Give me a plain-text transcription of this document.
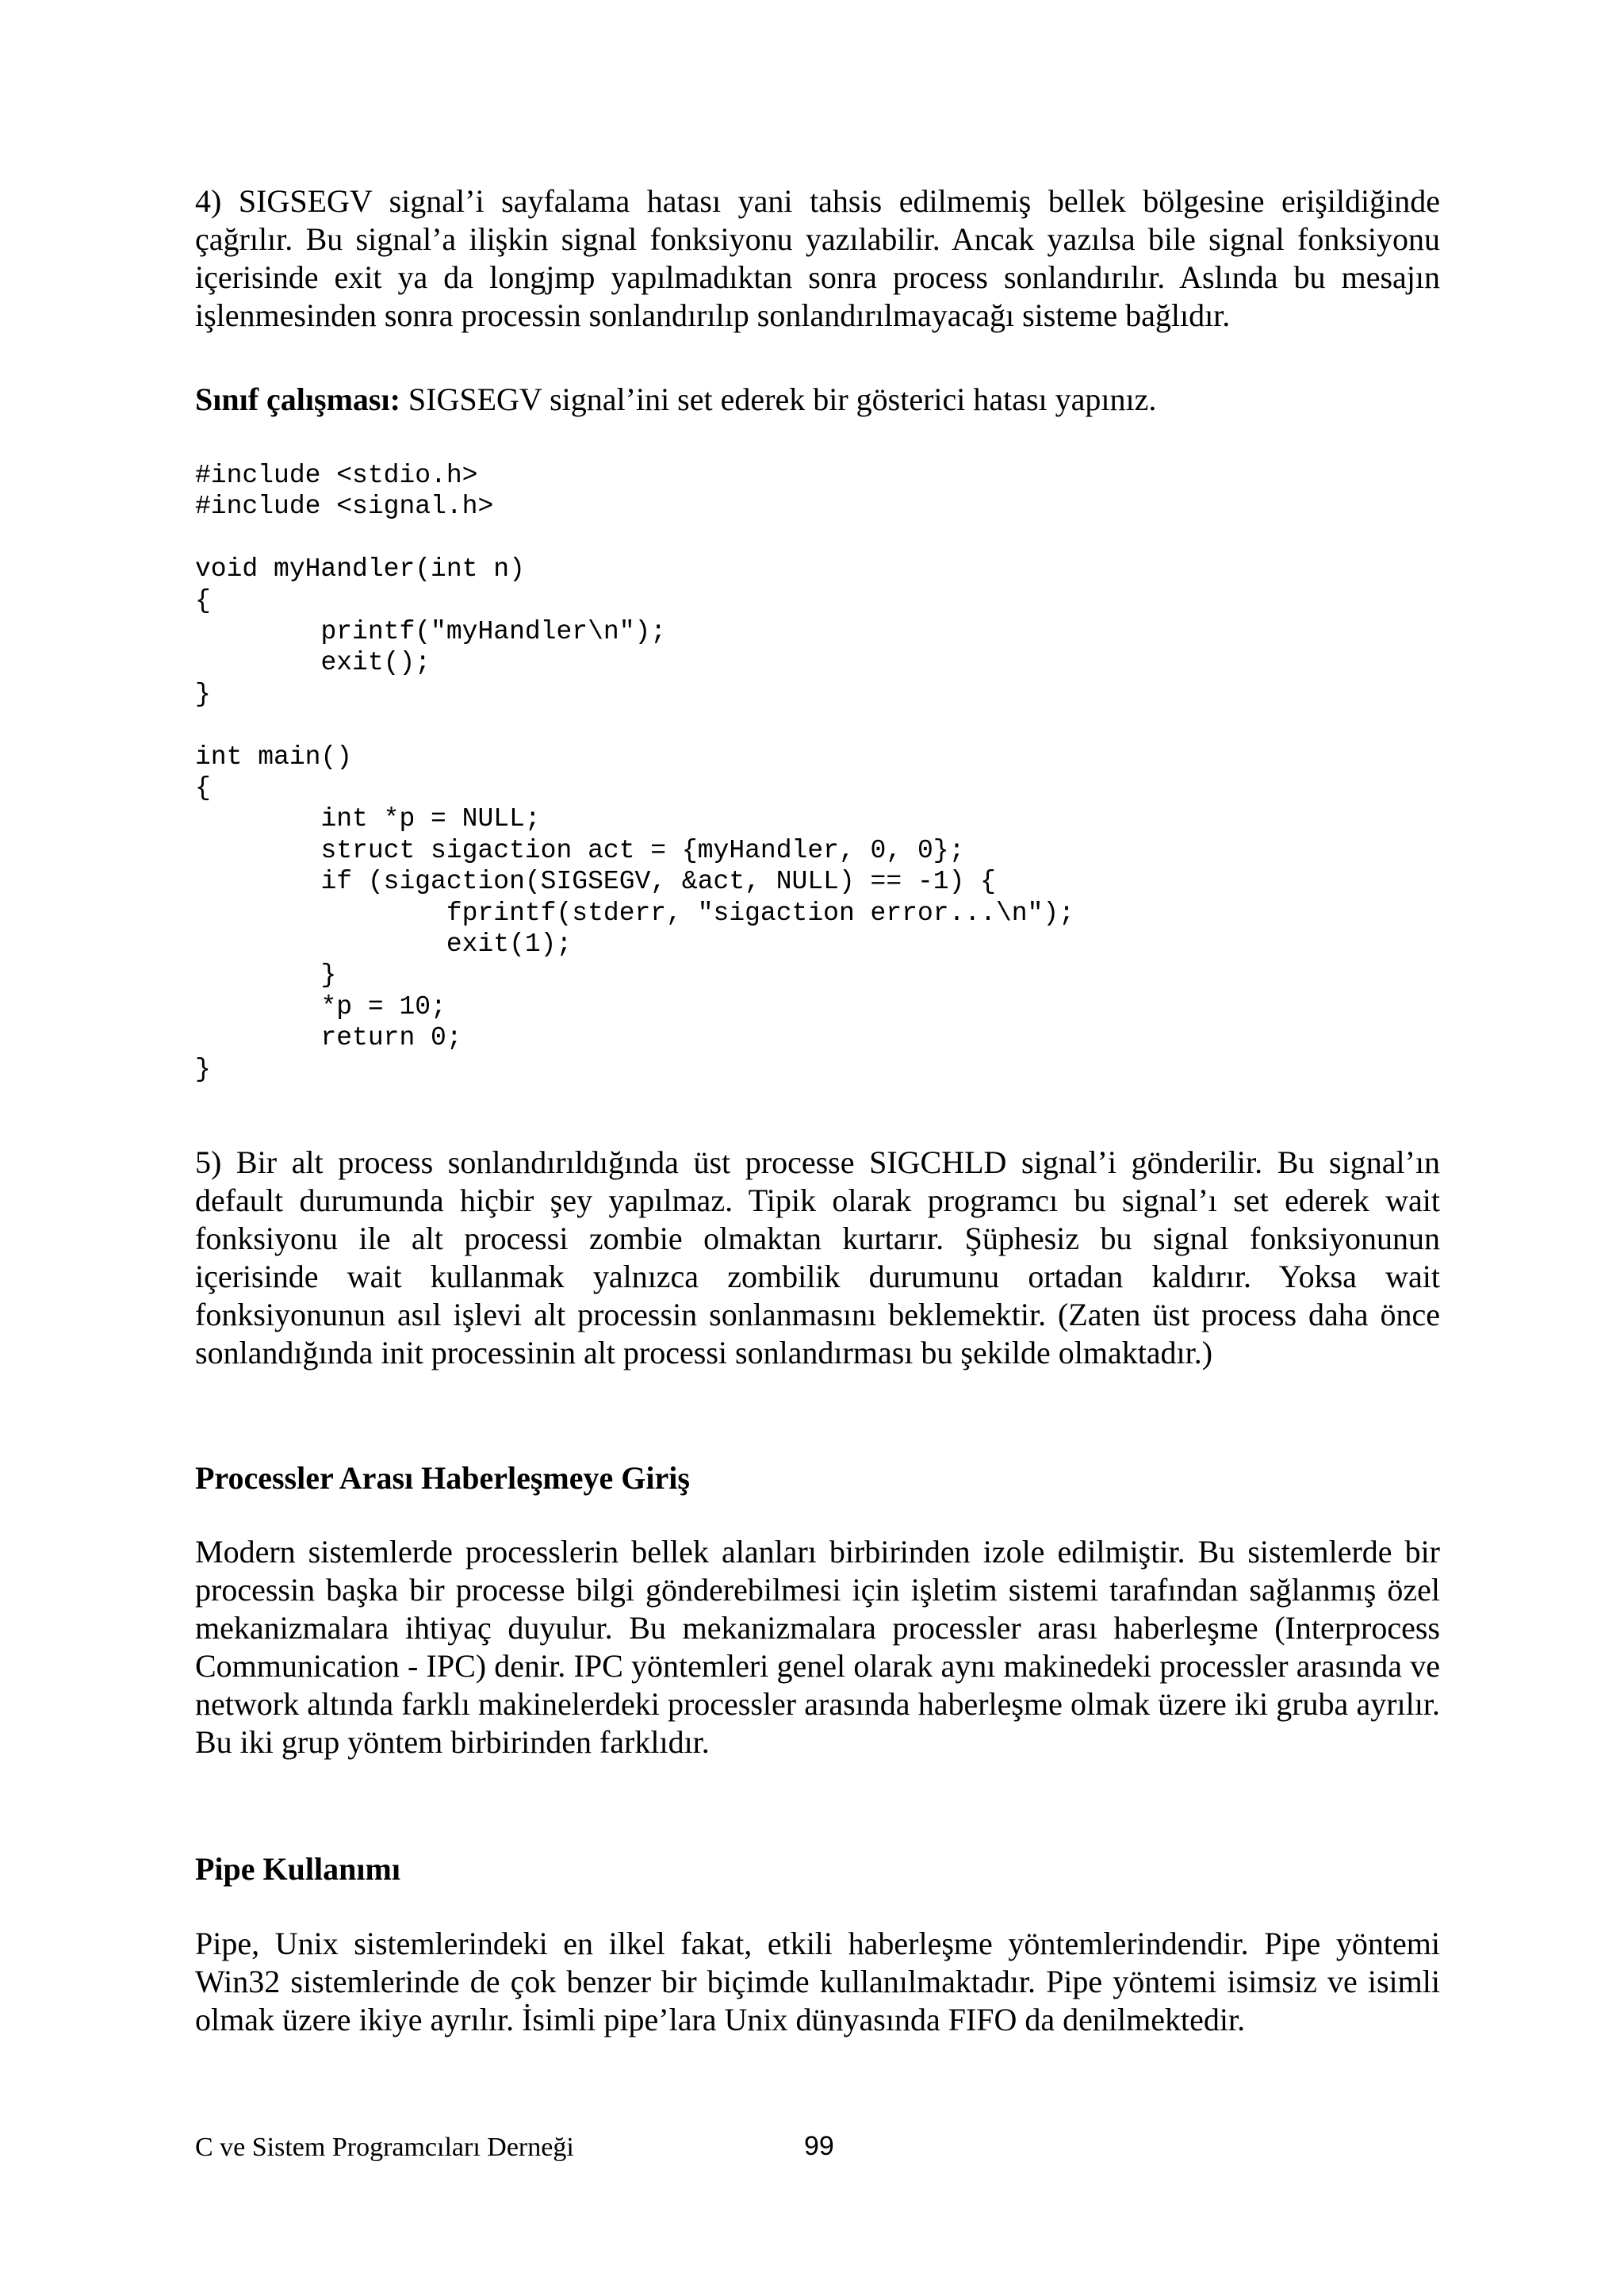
4) SIGSEGV signal’i sayfalama hatası yani tahsis edilmemiş bellek bölgesine erişildiğinde çağrılır. Bu signal’a ilişkin signal fonksiyonu yazılabilir. Ancak yazılsa bile signal fonksiyonu içerisinde exit ya da longjmp yapılmadıktan sonra process sonlandırılır. Aslında bu mesajın işlenmesinden sonra processin sonlandırılıp sonlandırılmayacağı sisteme bağlıdır.

Sınıf çalışması: SIGSEGV signal’ini set ederek bir gösterici hatası yapınız.

#include <stdio.h>
#include <signal.h>
void myHandler(int n)
{
	printf("myHandler\n");
	exit();
}
int main()
{
	int *p = NULL;
	struct sigaction act = {myHandler, 0, 0};
	if (sigaction(SIGSEGV, &act, NULL) == -1) {
		fprintf(stderr, "sigaction error...\n");
		exit(1);
	}
	*p = 10;
	return 0;
}

5) Bir alt process sonlandırıldığında üst processe SIGCHLD signal’i gönderilir. Bu signal’ın default durumunda hiçbir şey yapılmaz. Tipik olarak programcı bu signal’ı set ederek wait fonksiyonu ile alt processi zombie olmaktan kurtarır. Şüphesiz bu signal fonksiyonunun içerisinde wait kullanmak yalnızca zombilik durumunu ortadan kaldırır. Yoksa wait fonksiyonunun asıl işlevi alt processin sonlanmasını beklemektir. (Zaten üst process daha önce sonlandığında init processinin alt processi sonlandırması bu şekilde olmaktadır.)

Processler Arası Haberleşmeye Giriş

Modern sistemlerde processlerin bellek alanları birbirinden izole edilmiştir. Bu sistemlerde bir processin başka bir processe bilgi gönderebilmesi için işletim sistemi tarafından sağlanmış özel mekanizmalara ihtiyaç duyulur. Bu mekanizmalara processler arası haberleşme (Interprocess Communication - IPC) denir. IPC yöntemleri genel olarak aynı makinedeki processler arasında ve network altında farklı makinelerdeki processler arasında haberleşme olmak üzere iki gruba ayrılır. Bu iki grup yöntem birbirinden farklıdır.

Pipe Kullanımı

Pipe, Unix sistemlerindeki en ilkel fakat, etkili haberleşme yöntemlerindendir. Pipe yöntemi Win32 sistemlerinde de çok benzer bir biçimde kullanılmaktadır. Pipe yöntemi isimsiz ve isimli olmak üzere ikiye ayrılır. İsimli pipe’lara Unix dünyasında FIFO da denilmektedir.

C ve Sistem Programcıları Derneği	99
